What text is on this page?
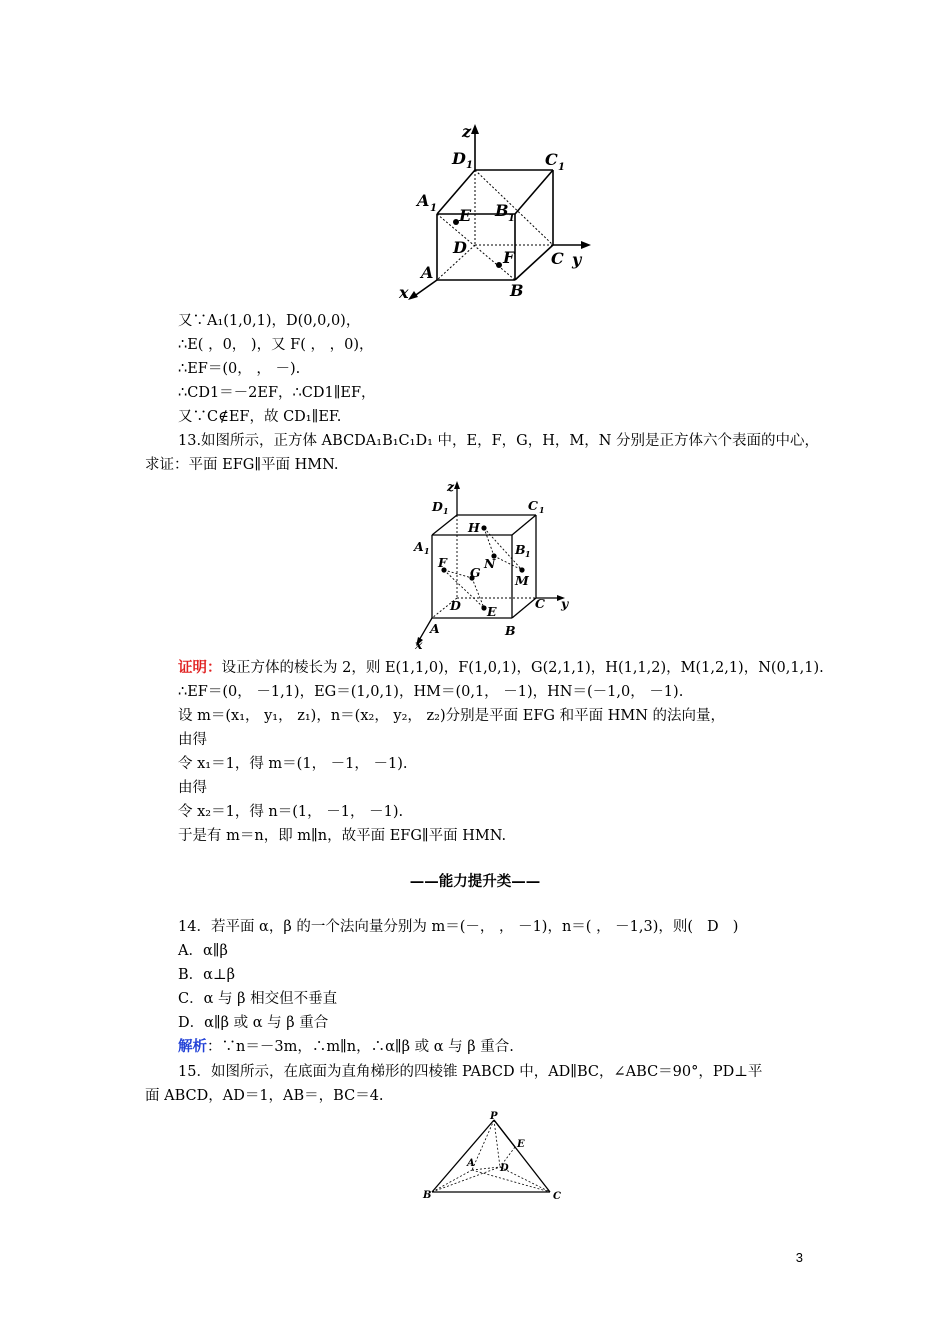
z
D 1	C 1
A 1	B 1
E
D
F C y
A
x	B
又∵A₁(1,0,1)，D(0,0,0)，
∴E( ，0， )，又 F( ， ，0)，
∴EF＝(0， ， －).
∴CD1＝－2EF，∴CD1∥EF，
又∵C∉EF，故 CD₁∥EF.
13.如图所示，正方体 ABCDA₁B₁C₁D₁ 中，E，F，G，H，M，N 分别是正方体六个表面的中心，
求证：平面 EFG∥平面 HMN.
z
D 1	C 1
A 1
H
B 1
N
F
G
M
D E
C y
A	B
x
证明：设正方体的棱长为 2，则 E(1,1,0)，F(1,0,1)，G(2,1,1)，H(1,1,2)，M(1,2,1)，N(0,1,1).
∴EF＝(0， －1,1)，EG＝(1,0,1)，HM＝(0,1， －1)，HN＝(－1,0， －1).
设 m＝(x₁， y₁， z₁)，n＝(x₂， y₂， z₂)分别是平面 EFG 和平面 HMN 的法向量，
由得
令 x₁＝1，得 m＝(1， －1， －1).
由得
令 x₂＝1，得 n＝(1， －1， －1).
于是有 m＝n，即 m∥n，故平面 EFG∥平面 HMN.
——能力提升类——
14．若平面 α，β 的一个法向量分别为 m＝(－， ， －1)，n＝( ， －1,3)，则( D )
A．α∥β
B．α⊥β
C．α 与 β 相交但不垂直
D．α∥β 或 α 与 β 重合
解析：∵n＝－3m，∴m∥n，∴α∥β 或 α 与 β 重合.
15．如图所示，在底面为直角梯形的四棱锥 PABCD 中，AD∥BC，∠ABC＝90°，PD⊥平
面 ABCD，AD＝1，AB＝，BC＝4.
P
E
A	D
B	C
3
